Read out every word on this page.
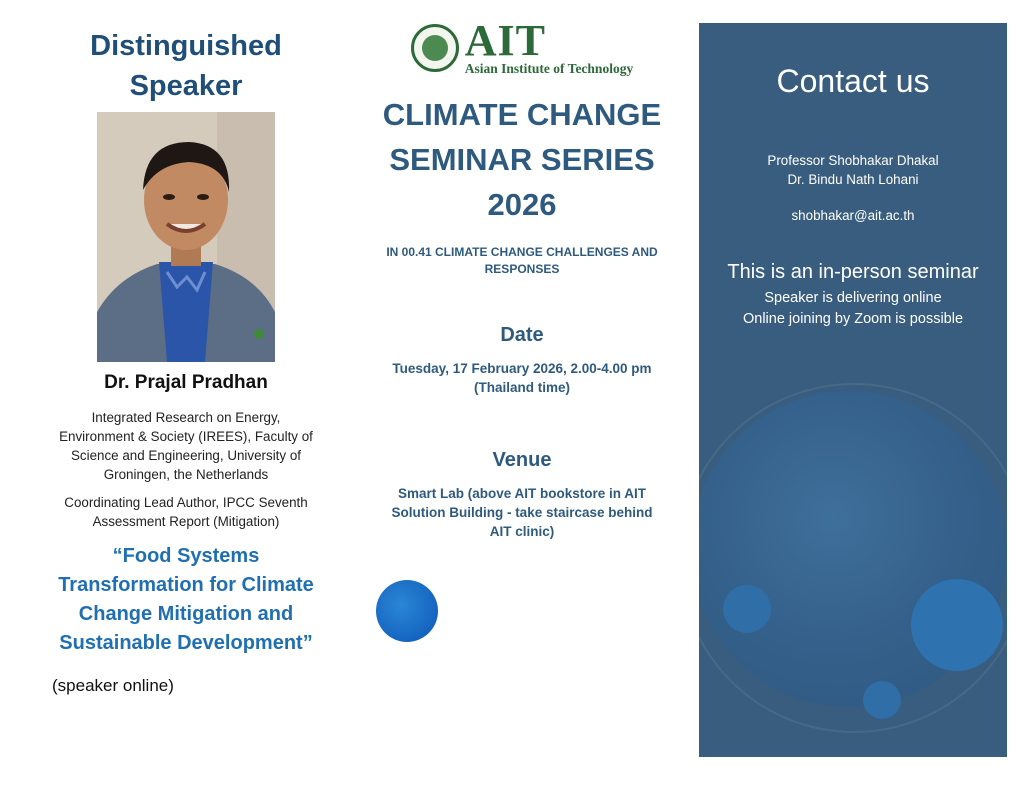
Distinguished
Speaker
Dr. Prajal Pradhan
Integrated Research on Energy,
Environment & Society (IREES), Faculty of
Science and Engineering, University of
Groningen, the Netherlands
Coordinating Lead Author, IPCC Seventh
Assessment Report (Mitigation)
“Food Systems
Transformation for Climate
Change Mitigation and
Sustainable Development”
(speaker online)
AIT
Asian Institute of Technology
CLIMATE CHANGE
SEMINAR SERIES
2026
IN 00.41 CLIMATE CHANGE CHALLENGES AND
RESPONSES
Date
Tuesday, 17 February 2026, 2.00-4.00 pm
(Thailand time)
Venue
Smart Lab (above AIT bookstore in AIT
Solution Building - take staircase behind
AIT clinic)
Contact us
Professor Shobhakar Dhakal
Dr. Bindu Nath Lohani
shobhakar@ait.ac.th
This is an in-person seminar
Speaker is delivering online
Online joining by Zoom is possible
